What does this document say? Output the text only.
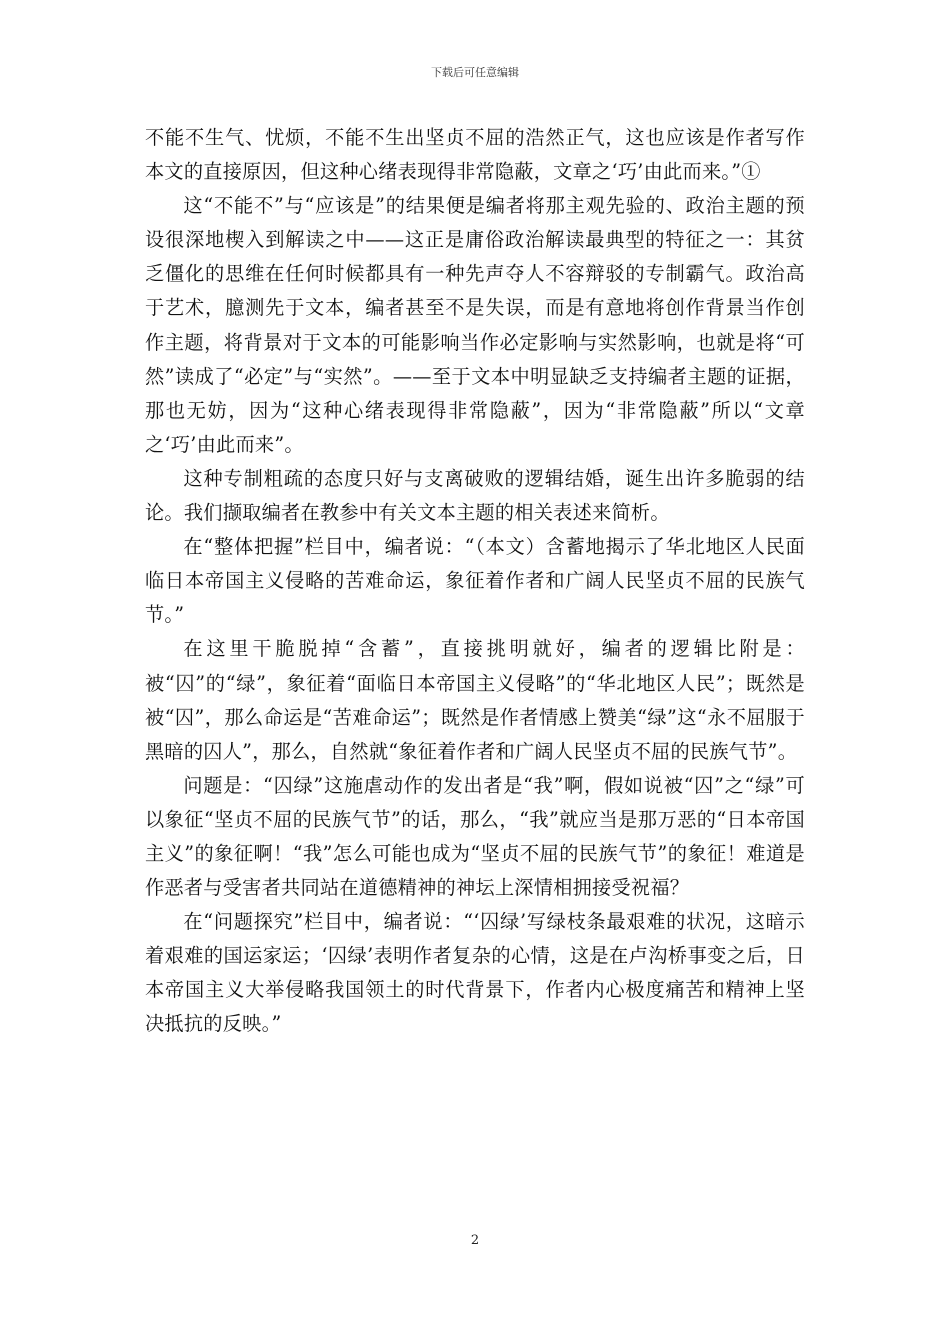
下载后可任意编辑

不能不生气、忧烦，不能不生出坚贞不屈的浩然正气，这也应该是作者写作本文的直接原因，但这种心绪表现得非常隐蔽，文章之‘巧’由此而来。”①

这“不能不”与“应该是”的结果便是编者将那主观先验的、政治主题的预设很深地楔入到解读之中——这正是庸俗政治解读最典型的特征之一：其贫乏僵化的思维在任何时候都具有一种先声夺人不容辩驳的专制霸气。政治高于艺术，臆测先于文本，编者甚至不是失误，而是有意地将创作背景当作创作主题，将背景对于文本的可能影响当作必定影响与实然影响，也就是将“可然”读成了“必定”与“实然”。——至于文本中明显缺乏支持编者主题的证据，那也无妨，因为“这种心绪表现得非常隐蔽”，因为“非常隐蔽”所以“文章之‘巧’由此而来”。

这种专制粗疏的态度只好与支离破败的逻辑结婚，诞生出许多脆弱的结论。我们撷取编者在教参中有关文本主题的相关表述来简析。

在“整体把握”栏目中，编者说：“（本文）含蓄地揭示了华北地区人民面临日本帝国主义侵略的苦难命运，象征着作者和广阔人民坚贞不屈的民族气节。”

在这里干脆脱掉“含蓄”，直接挑明就好，编者的逻辑比附是：被“囚”的“绿”，象征着“面临日本帝国主义侵略”的“华北地区人民”；既然是被“囚”，那么命运是“苦难命运”；既然是作者情感上赞美“绿”这“永不屈服于黑暗的囚人”，那么，自然就“象征着作者和广阔人民坚贞不屈的民族气节”。

问题是：“囚绿”这施虐动作的发出者是“我”啊，假如说被“囚”之“绿”可以象征“坚贞不屈的民族气节”的话，那么，“我”就应当是那万恶的“日本帝国主义”的象征啊！“我”怎么可能也成为“坚贞不屈的民族气节”的象征！难道是作恶者与受害者共同站在道德精神的神坛上深情相拥接受祝福？

在“问题探究”栏目中，编者说：“‘囚绿’写绿枝条最艰难的状况，这暗示着艰难的国运家运；‘囚绿’表明作者复杂的心情，这是在卢沟桥事变之后，日本帝国主义大举侵略我国领土的时代背景下，作者内心极度痛苦和精神上坚决抵抗的反映。”

2
